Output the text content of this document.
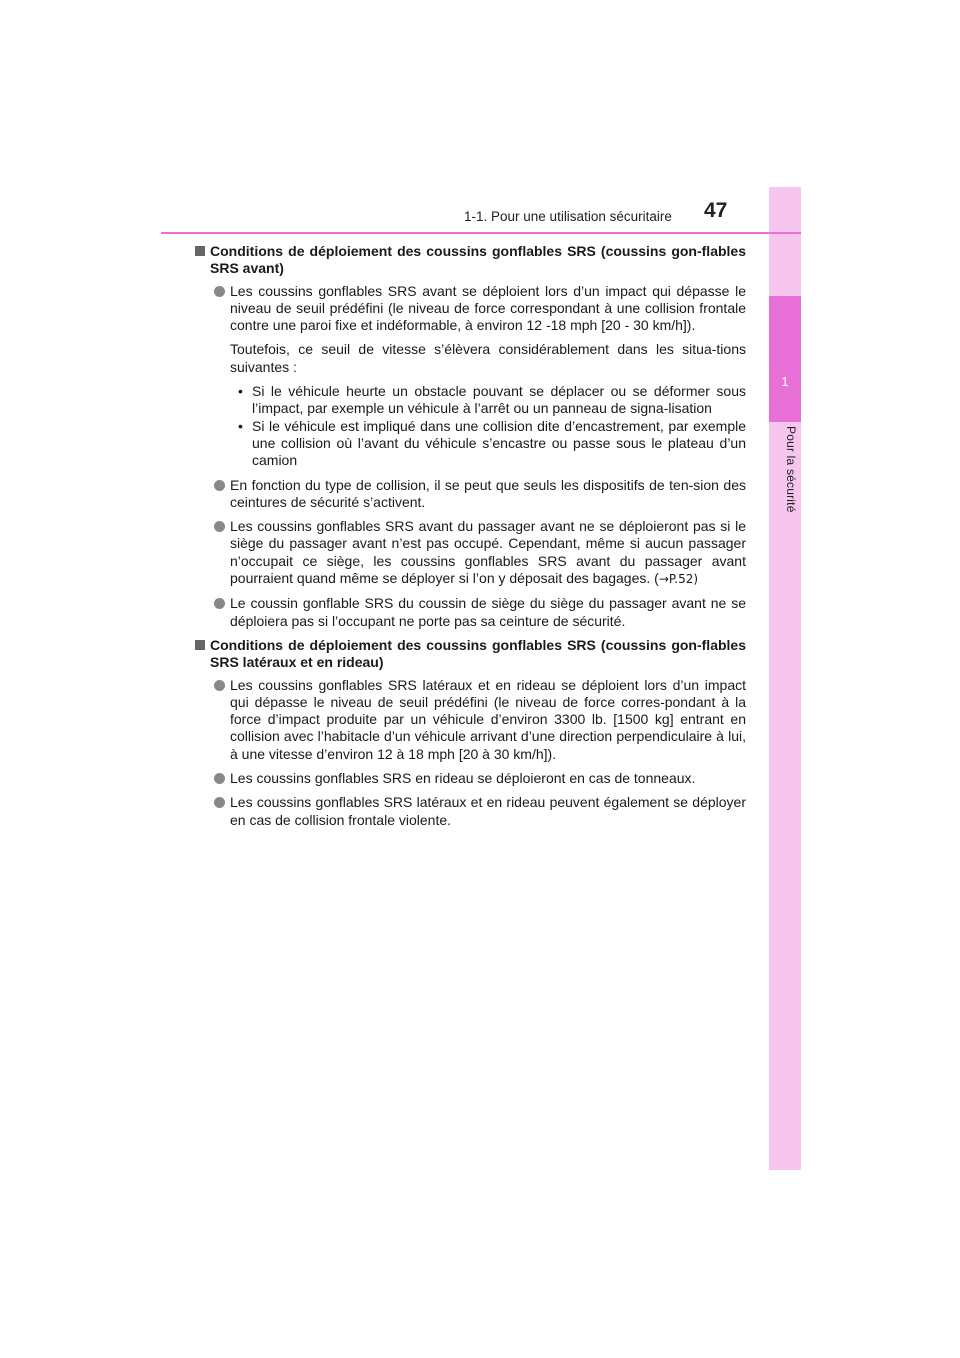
1
Pour la sécurité
1-1. Pour une utilisation sécuritaire 47
Conditions de déploiement des coussins gonflables SRS (coussins gon-flables SRS avant)
Les coussins gonflables SRS avant se déploient lors d’un impact qui dépasse le niveau de seuil prédéfini (le niveau de force correspondant à une collision frontale contre une paroi fixe et indéformable, à environ 12 -18 mph [20 - 30 km/h]).
Toutefois, ce seuil de vitesse s’élèvera considérablement dans les situa-tions suivantes :
• Si le véhicule heurte un obstacle pouvant se déplacer ou se déformer sous l’impact, par exemple un véhicule à l’arrêt ou un panneau de signa-lisation
• Si le véhicule est impliqué dans une collision dite d’encastrement, par exemple une collision où l’avant du véhicule s’encastre ou passe sous le plateau d’un camion
En fonction du type de collision, il se peut que seuls les dispositifs de ten-sion des ceintures de sécurité s’activent.
Les coussins gonflables SRS avant du passager avant ne se déploieront pas si le siège du passager avant n’est pas occupé. Cependant, même si aucun passager n’occupait ce siège, les coussins gonflables SRS avant du passager avant pourraient quand même se déployer si l’on y déposait des bagages. (→P.52)
Le coussin gonflable SRS du coussin de siège du siège du passager avant ne se déploiera pas si l’occupant ne porte pas sa ceinture de sécurité.
Conditions de déploiement des coussins gonflables SRS (coussins gon-flables SRS latéraux et en rideau)
Les coussins gonflables SRS latéraux et en rideau se déploient lors d’un impact qui dépasse le niveau de seuil prédéfini (le niveau de force corres-pondant à la force d’impact produite par un véhicule d’environ 3300 lb. [1500 kg] entrant en collision avec l’habitacle d’un véhicule arrivant d’une direction perpendiculaire à lui, à une vitesse d’environ 12 à 18 mph [20 à 30 km/h]).
Les coussins gonflables SRS en rideau se déploieront en cas de tonneaux.
Les coussins gonflables SRS latéraux et en rideau peuvent également se déployer en cas de collision frontale violente.
